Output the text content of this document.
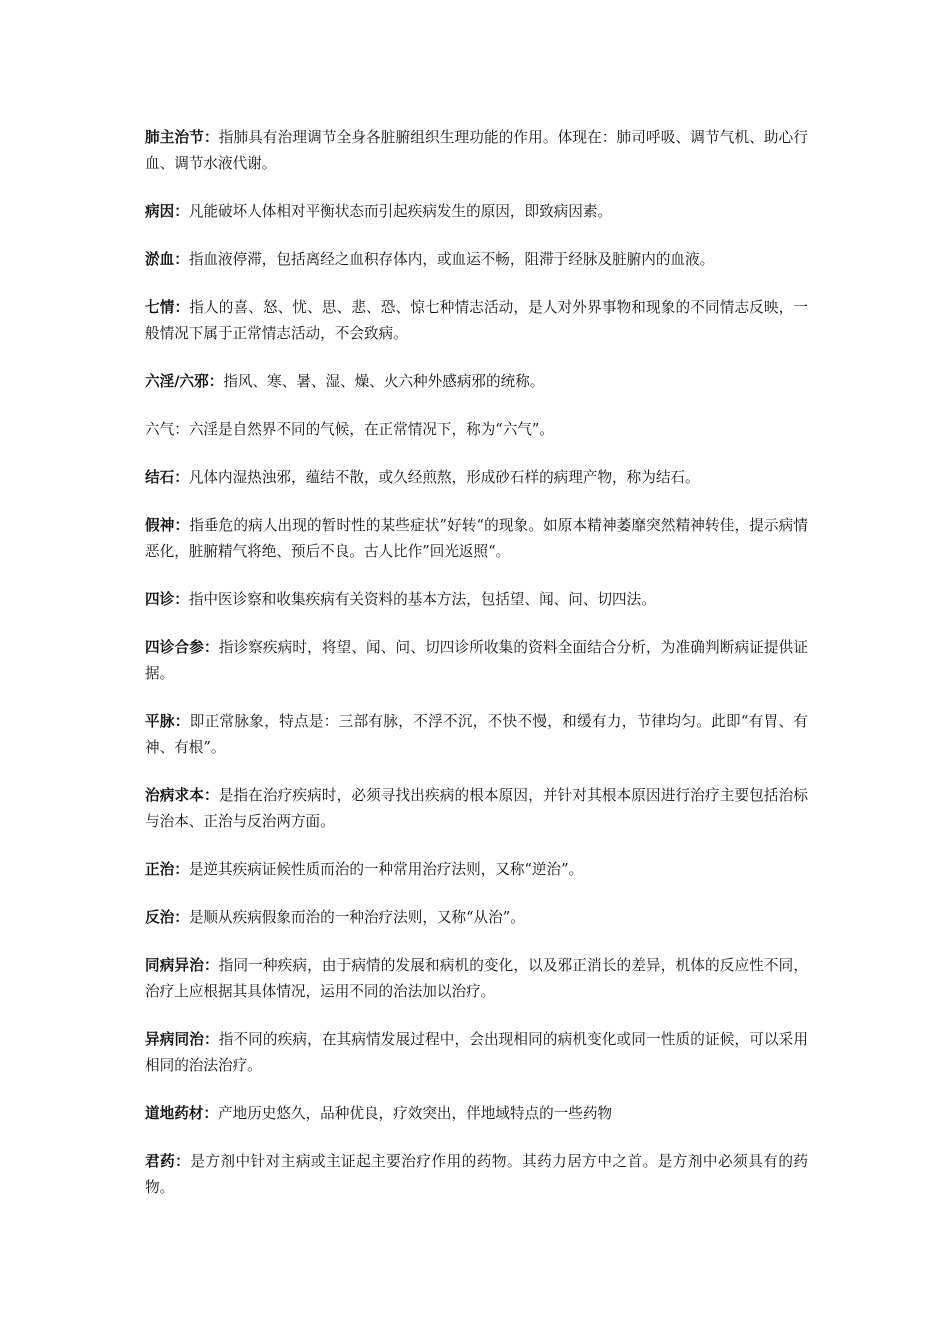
肺主治节：指肺具有治理调节全身各脏腑组织生理功能的作用。体现在：肺司呼吸、调节气机、助心行血、调节水液代谢。

病因：凡能破坏人体相对平衡状态而引起疾病发生的原因，即致病因素。

淤血：指血液停滞，包括离经之血积存体内，或血运不畅，阻滞于经脉及脏腑内的血液。

七情：指人的喜、怒、忧、思、悲、恐、惊七种情志活动，是人对外界事物和现象的不同情志反映，一般情况下属于正常情志活动，不会致病。

六淫/六邪：指风、寒、暑、湿、燥、火六种外感病邪的统称。

六气：六淫是自然界不同的气候，在正常情况下，称为“六气”。

结石：凡体内湿热浊邪，蕴结不散，或久经煎熬，形成砂石样的病理产物，称为结石。

假神：指垂危的病人出现的暂时性的某些症状”好转“的现象。如原本精神萎靡突然精神转佳，提示病情恶化，脏腑精气将绝、预后不良。古人比作”回光返照“。

四诊：指中医诊察和收集疾病有关资料的基本方法，包括望、闻、问、切四法。

四诊合参：指诊察疾病时，将望、闻、问、切四诊所收集的资料全面结合分析，为准确判断病证提供证据。

平脉：即正常脉象，特点是：三部有脉，不浮不沉，不快不慢，和缓有力，节律均匀。此即“有胃、有神、有根”。

治病求本：是指在治疗疾病时，必须寻找出疾病的根本原因，并针对其根本原因进行治疗主要包括治标与治本、正治与反治两方面。

正治：是逆其疾病证候性质而治的一种常用治疗法则，又称“逆治”。

反治：是顺从疾病假象而治的一种治疗法则，又称“从治”。

同病异治：指同一种疾病，由于病情的发展和病机的变化，以及邪正消长的差异，机体的反应性不同，治疗上应根据其具体情况，运用不同的治法加以治疗。

异病同治：指不同的疾病，在其病情发展过程中，会出现相同的病机变化或同一性质的证候，可以采用相同的治法治疗。

道地药材：产地历史悠久，品种优良，疗效突出，伴地域特点的一些药物

君药：是方剂中针对主病或主证起主要治疗作用的药物。其药力居方中之首。是方剂中必须具有的药物。
